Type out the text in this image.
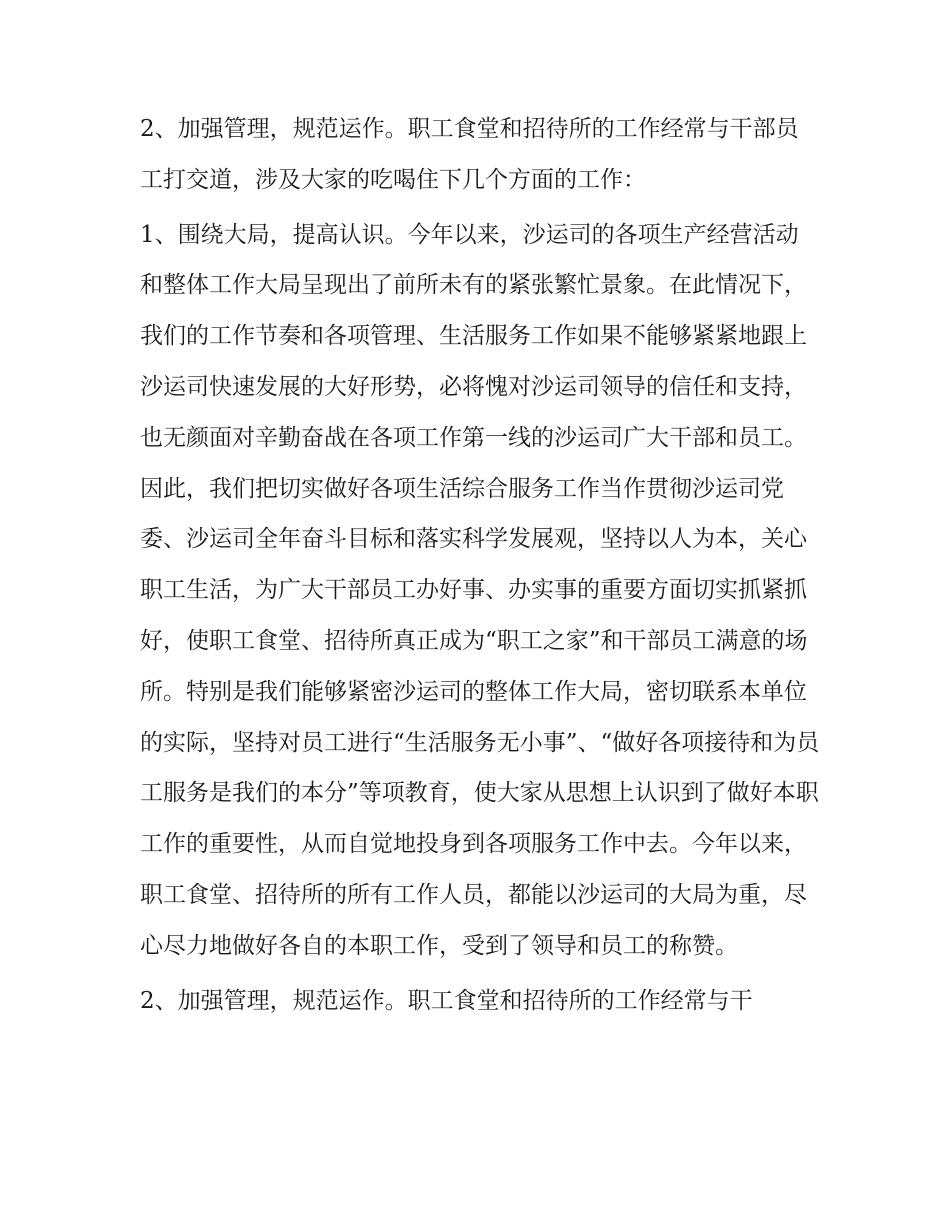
2、加强管理，规范运作。职工食堂和招待所的工作经常与干部员工打交道，涉及大家的吃喝住下几个方面的工作：

1、围绕大局，提高认识。今年以来，沙运司的各项生产经营活动和整体工作大局呈现出了前所未有的紧张繁忙景象。在此情况下，我们的工作节奏和各项管理、生活服务工作如果不能够紧紧地跟上沙运司快速发展的大好形势，必将愧对沙运司领导的信任和支持，也无颜面对辛勤奋战在各项工作第一线的沙运司广大干部和员工。因此，我们把切实做好各项生活综合服务工作当作贯彻沙运司党委、沙运司全年奋斗目标和落实科学发展观，坚持以人为本，关心职工生活，为广大干部员工办好事、办实事的重要方面切实抓紧抓好，使职工食堂、招待所真正成为“职工之家”和干部员工满意的场所。特别是我们能够紧密沙运司的整体工作大局，密切联系本单位的实际，坚持对员工进行“生活服务无小事”、“做好各项接待和为员工服务是我们的本分”等项教育，使大家从思想上认识到了做好本职工作的重要性，从而自觉地投身到各项服务工作中去。今年以来，职工食堂、招待所的所有工作人员，都能以沙运司的大局为重，尽心尽力地做好各自的本职工作，受到了领导和员工的称赞。

2、加强管理，规范运作。职工食堂和招待所的工作经常与干
